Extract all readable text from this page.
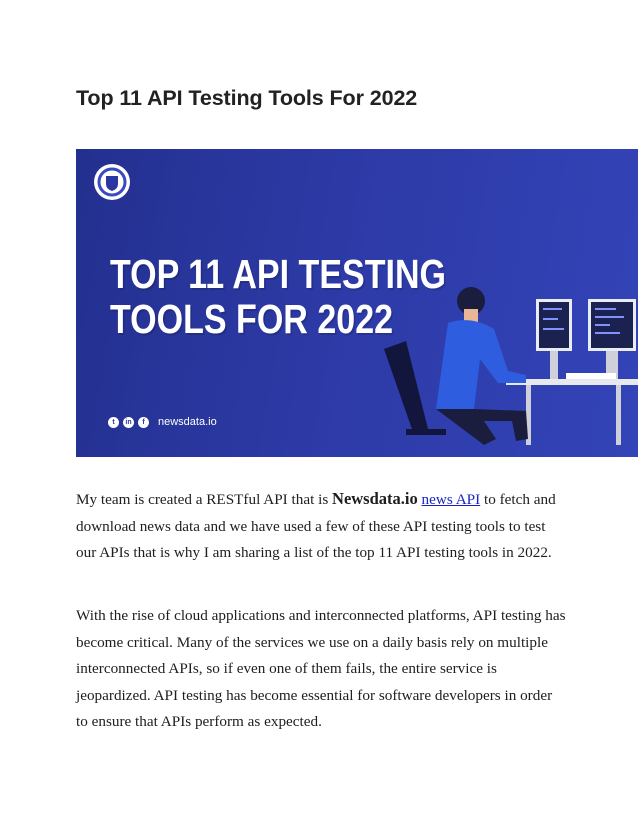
Top 11 API Testing Tools For 2022
TOP 11 API TESTING
TOOLS FOR 2022
t	in	f	newsdata.io

My team is created a RESTful API that is Newsdata.io news API to fetch and download news data and we have used a few of these API testing tools to test our APIs that is why I am sharing a list of the top 11 API testing tools in 2022.

With the rise of cloud applications and interconnected platforms, API testing has become critical. Many of the services we use on a daily basis rely on multiple interconnected APIs, so if even one of them fails, the entire service is jeopardized. API testing has become essential for software developers in order to ensure that APIs perform as expected.
